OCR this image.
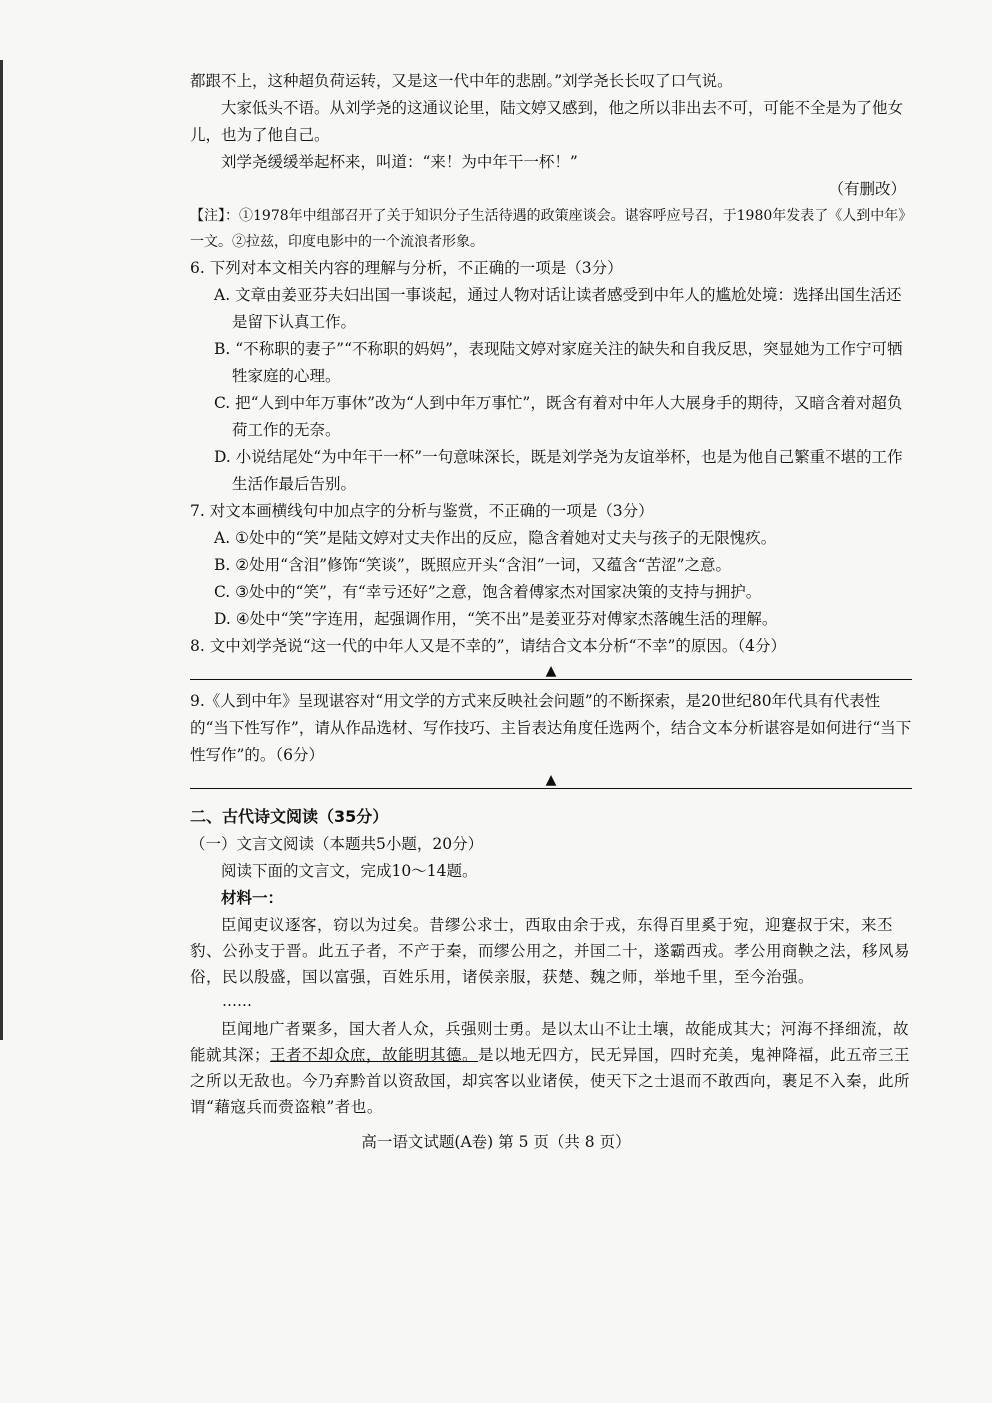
都跟不上，这种超负荷运转，又是这一代中年的悲剧。”刘学尧长长叹了口气说。

大家低头不语。从刘学尧的这通议论里，陆文婷又感到，他之所以非出去不可，可能不全是为了他女儿，也为了他自己。

刘学尧缓缓举起杯来，叫道：“来！为中年干一杯！”

（有删改）

【注】：①1978年中组部召开了关于知识分子生活待遇的政策座谈会。谌容呼应号召，于1980年发表了《人到中年》一文。②拉兹，印度电影中的一个流浪者形象。

6. 下列对本文相关内容的理解与分析，不正确的一项是（3分）

A. 文章由姜亚芬夫妇出国一事谈起，通过人物对话让读者感受到中年人的尴尬处境：选择出国生活还是留下认真工作。

B. “不称职的妻子”“不称职的妈妈”，表现陆文婷对家庭关注的缺失和自我反思，突显她为工作宁可牺牲家庭的心理。

C. 把“人到中年万事休”改为“人到中年万事忙”，既含有着对中年人大展身手的期待，又暗含着对超负荷工作的无奈。

D. 小说结尾处“为中年干一杯”一句意味深长，既是刘学尧为友谊举杯，也是为他自己繁重不堪的工作生活作最后告别。

7. 对文本画横线句中加点字的分析与鉴赏，不正确的一项是（3分）

A. ①处中的“笑”是陆文婷对丈夫作出的反应，隐含着她对丈夫与孩子的无限愧疚。

B. ②处用“含泪”修饰“笑谈”，既照应开头“含泪”一词，又蕴含“苦涩”之意。

C. ③处中的“笑”，有“幸亏还好”之意，饱含着傅家杰对国家决策的支持与拥护。

D. ④处中“笑”字连用，起强调作用，“笑不出”是姜亚芬对傅家杰落魄生活的理解。

8. 文中刘学尧说“这一代的中年人又是不幸的”，请结合文本分析“不幸”的原因。（4分）

▲

9.《人到中年》呈现谌容对“用文学的方式来反映社会问题”的不断探索，是20世纪80年代具有代表性的“当下性写作”，请从作品选材、写作技巧、主旨表达角度任选两个，结合文本分析谌容是如何进行“当下性写作”的。（6分）

▲

二、古代诗文阅读（35分）

（一）文言文阅读（本题共5小题，20分）

阅读下面的文言文，完成10～14题。

材料一：

臣闻吏议逐客，窃以为过矣。昔缪公求士，西取由余于戎，东得百里奚于宛，迎蹇叔于宋，来丕豹、公孙支于晋。此五子者，不产于秦，而缪公用之，并国二十，遂霸西戎。孝公用商鞅之法，移风易俗，民以殷盛，国以富强，百姓乐用，诸侯亲服，获楚、魏之师，举地千里，至今治强。

……

臣闻地广者粟多，国大者人众，兵强则士勇。是以太山不让土壤，故能成其大；河海不择细流，故能就其深；王者不却众庶，故能明其德。是以地无四方，民无异国，四时充美，鬼神降福，此五帝三王之所以无敌也。今乃弃黔首以资敌国，却宾客以业诸侯，使天下之士退而不敢西向，裹足不入秦，此所谓“藉寇兵而赍盗粮”者也。

高一语文试题(A卷) 第 5 页（共 8 页）
